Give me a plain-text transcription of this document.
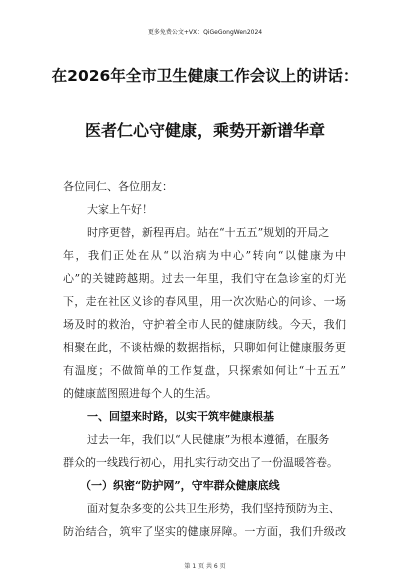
更多免费公文+VX：QiGeGongWen2024
在2026年全市卫生健康工作会议上的讲话：
医者仁心守健康，乘势开新谱华章
各位同仁、各位朋友：
大家上午好！
时序更替，新程再启。站在“十五五”规划的开局之
年，我们正处在从“以治病为中心”转向“以健康为中
心”的关键跨越期。过去一年里，我们守在急诊室的灯光
下，走在社区义诊的春风里，用一次次贴心的问诊、一场
场及时的救治，守护着全市人民的健康防线。今天，我们
相聚在此，不谈枯燥的数据指标，只聊如何让健康服务更
有温度；不做简单的工作复盘，只探索如何让“十五五”
的健康蓝图照进每个人的生活。
一、回望来时路，以实干筑牢健康根基
过去一年，我们以“人民健康”为根本遵循，在服务
群众的一线践行初心，用扎实行动交出了一份温暖答卷。
（一）织密“防护网”，守牢群众健康底线
面对复杂多变的公共卫生形势，我们坚持预防为主、
防治结合，筑牢了坚实的健康屏障。一方面，我们升级改
第 1 页 共 6 页
